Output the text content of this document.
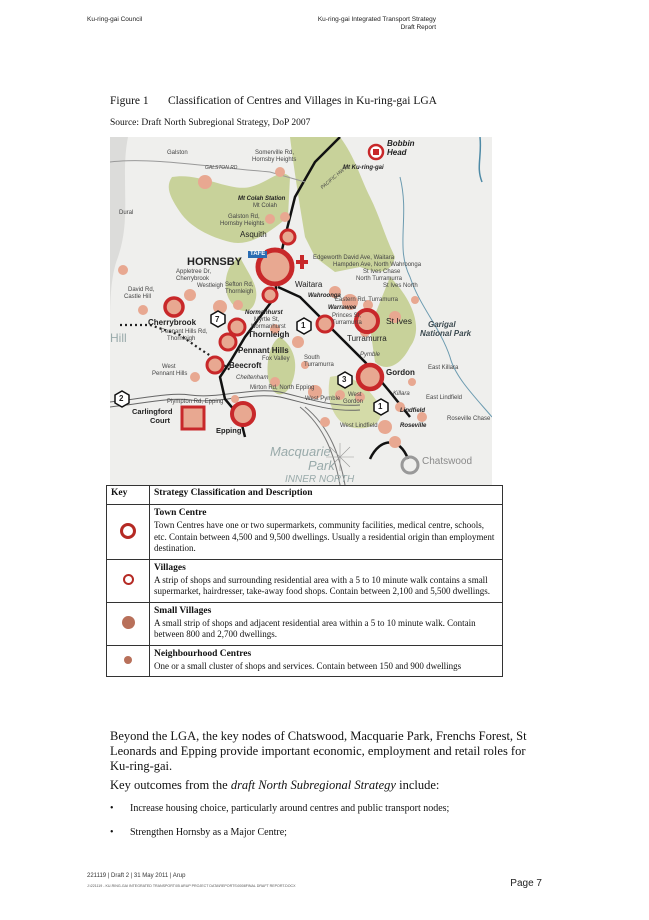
Ku-ring-gai Council	Ku-ring-gai Integrated Transport Strategy
Draft Report
Figure 1 Classification of Centres and Villages in Ku-ring-gai LGA
Source: Draft North Subregional Strategy, DoP 2007
7
3
1
1
2
Galston
GALSTON RD
Somerville Rd,
Hornsby Heights
Bobbin
Head
Mt Ku-ring-gai
PACIFIC HWY
Mt Colah Station
Mt Colah
Dural
Galston Rd,
Hornsby Heights
Asquith
TAFE
HORNSBY	Edgeworth David Ave, Waitara
Hampden Ave, North Wahroonga
St Ives Chase
North Turramurra
St Ives North
Appletree Dr,
Cherrybrook
Westleigh Sefton Rd,
Thornleigh
Waitara
Wahroonga
Eastern Rd, Turramurra
David Rd,
Castle Hill
Normanhurst
Myrtle St,
Normanhurst
Warrawee
Princes St,
Turramurra	St Ives Garigal
National Park
Cherrybrook
Pennant Hills Rd,
Thornleigh	Thornleigh	Turramurra
Hill
Pennant Hills
Fox Valley
Pymble
South
Turramurra
West
Pennant Hills
Beecroft
Cheltenham
Gordon East Killara
Mirton Rd, North Epping
West Pymble
West
Gordon
Killara
East Lindfield
Plympton Rd, Epping
Lindfield
Roseville Chase
Carlingford
Court
Epping	West Lindfield	Roseville
Macquarie
Park
INNER NORTH
Chatswood
Key	Strategy Classification and Description

	Town Centre
Town Centres have one or two supermarkets, community facilities, medical centre, schools, etc. Contain between 4,500 and 9,500 dwellings. Usually a residential origin than employment destination.

	Villages
A strip of shops and surrounding residential area with a 5 to 10 minute walk contains a small supermarket, hairdresser, take-away food shops. Contain between 2,100 and 5,500 dwellings.

	Small Villages
A small strip of shops and adjacent residential area within a 5 to 10 minute walk. Contain between 800 and 2,700 dwellings.

	Neighbourhood Centres
One or a small cluster of shops and services. Contain between 150 and 900 dwellings
Beyond the LGA, the key nodes of Chatswood, Macquarie Park, Frenchs Forest, St Leonards and Epping provide important economic, employment and retail roles for Ku-ring-gai.
Key outcomes from the draft North Subregional Strategy include:
• Increase housing choice, particularly around centres and public transport nodes;
• Strengthen Hornsby as a Major Centre;
221119 | Draft 2 | 31 May 2011 | Arup
J:\221119 - KU-RING-GAI INTEGRATED TRANSPORT\05 ARUP PROJECT DATA\REPORTS\0008FINAL DRAFT REPORT.DOCX	Page 7
